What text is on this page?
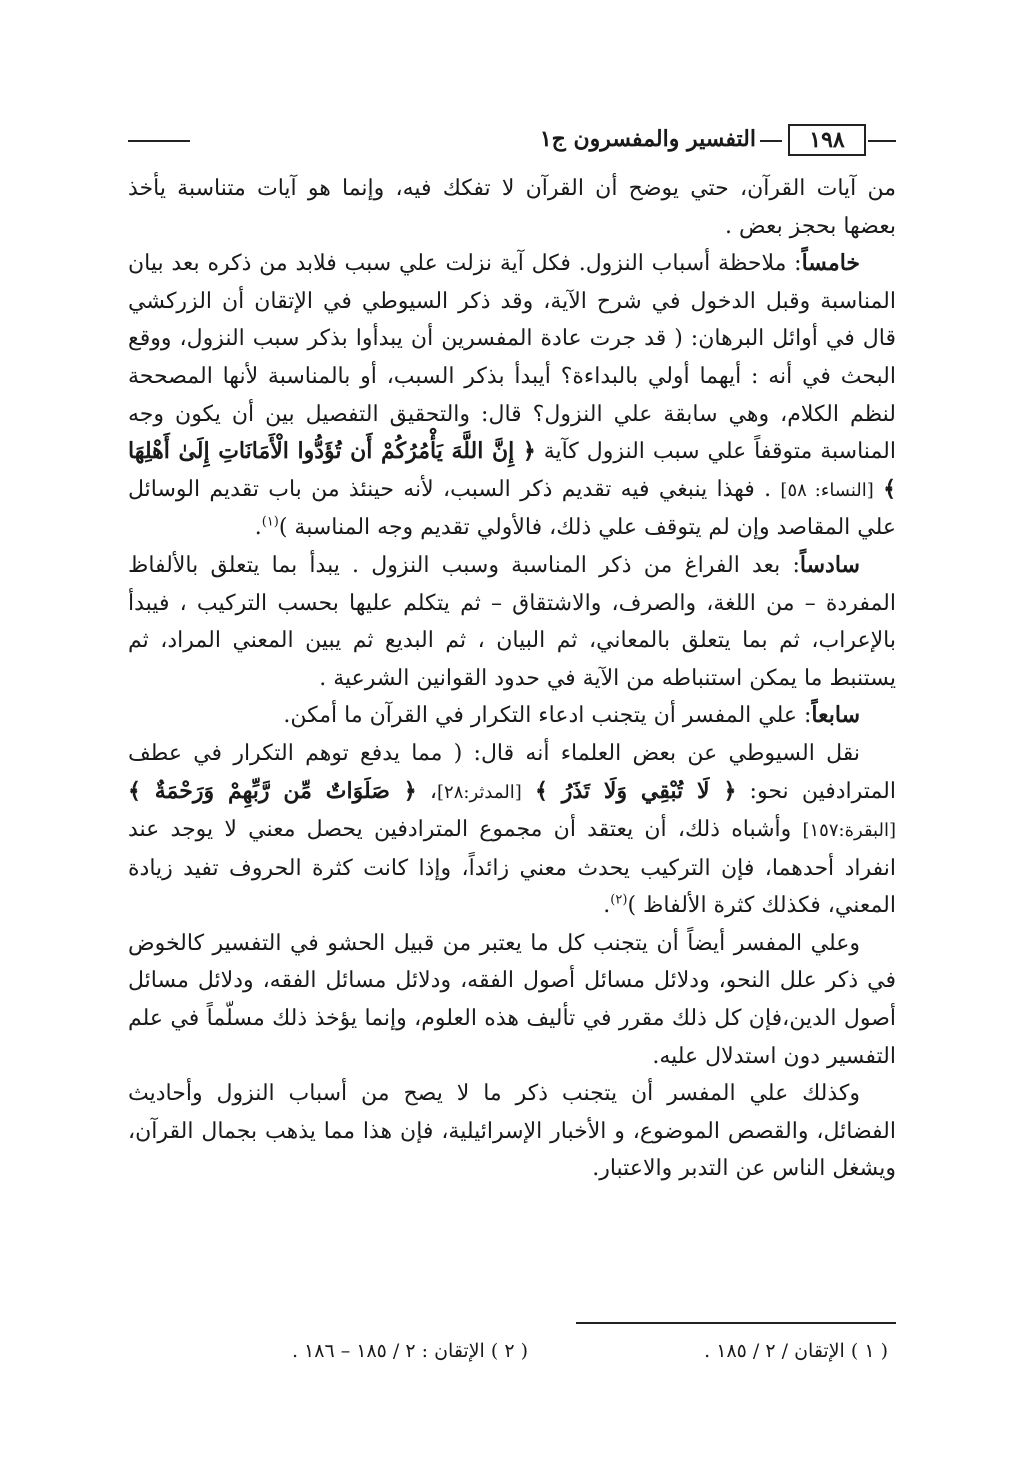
١٩٨
التفسير والمفسرون ج١

من آيات القرآن، حتي يوضح أن القرآن لا تفكك فيه، وإنما هو آيات متناسبة يأخذ بعضها بحجز بعض .

خامساً: ملاحظة أسباب النزول. فكل آية نزلت علي سبب فلابد من ذكره بعد بيان المناسبة وقبل الدخول في شرح الآية، وقد ذكر السيوطي في الإتقان أن الزركشي قال في أوائل البرهان: ( قد جرت عادة المفسرين أن يبدأوا بذكر سبب النزول، ووقع البحث في أنه : أيهما أولي بالبداءة؟ أيبدأ بذكر السبب، أو بالمناسبة لأنها المصححة لنظم الكلام، وهي سابقة علي النزول؟ قال: والتحقيق التفصيل بين أن يكون وجه المناسبة متوقفاً علي سبب النزول كآية ﴿ إِنَّ اللَّهَ يَأْمُرُكُمْ أَن تُؤَدُّوا الْأَمَانَاتِ إِلَىٰ أَهْلِهَا ﴾ [النساء: ٥٨] . فهذا ينبغي فيه تقديم ذكر السبب، لأنه حينئذ من باب تقديم الوسائل علي المقاصد وإن لم يتوقف علي ذلك، فالأولي تقديم وجه المناسبة )$^{(١)}$.

سادساً: بعد الفراغ من ذكر المناسبة وسبب النزول . يبدأ بما يتعلق بالألفاظ المفردة – من اللغة، والصرف، والاشتقاق – ثم يتكلم عليها بحسب التركيب ، فيبدأ بالإعراب، ثم بما يتعلق بالمعاني، ثم البيان ، ثم البديع ثم يبين المعني المراد، ثم يستنبط ما يمكن استنباطه من الآية في حدود القوانين الشرعية .

سابعاً: علي المفسر أن يتجنب ادعاء التكرار في القرآن ما أمكن.

نقل السيوطي عن بعض العلماء أنه قال: ( مما يدفع توهم التكرار في عطف المترادفين نحو: ﴿ لَا تُبْقِي وَلَا تَذَرُ ﴾ [المدثر:٢٨]، ﴿ صَلَوَاتٌ مِّن رَّبِّهِمْ وَرَحْمَةٌ ﴾ [البقرة:١٥٧] وأشباه ذلك، أن يعتقد أن مجموع المترادفين يحصل معني لا يوجد عند انفراد أحدهما، فإن التركيب يحدث معني زائداً، وإذا كانت كثرة الحروف تفيد زيادة المعني، فكذلك كثرة الألفاظ )$^{(٢)}$.

وعلي المفسر أيضاً أن يتجنب كل ما يعتبر من قبيل الحشو في التفسير كالخوض في ذكر علل النحو، ودلائل مسائل أصول الفقه، ودلائل مسائل الفقه، ودلائل مسائل أصول الدين،فإن كل ذلك مقرر في تأليف هذه العلوم، وإنما يؤخذ ذلك مسلّماً في علم التفسير دون استدلال عليه.

وكذلك علي المفسر أن يتجنب ذكر ما لا يصح من أسباب النزول وأحاديث الفضائل، والقصص الموضوع، و الأخبار الإسرائيلية، فإن هذا مما يذهب بجمال القرآن، ويشغل الناس عن التدبر والاعتبار.

( ١ ) الإتقان / ٢ / ١٨٥ .
( ٢ ) الإتقان : ٢ / ١٨٥ – ١٨٦ .
